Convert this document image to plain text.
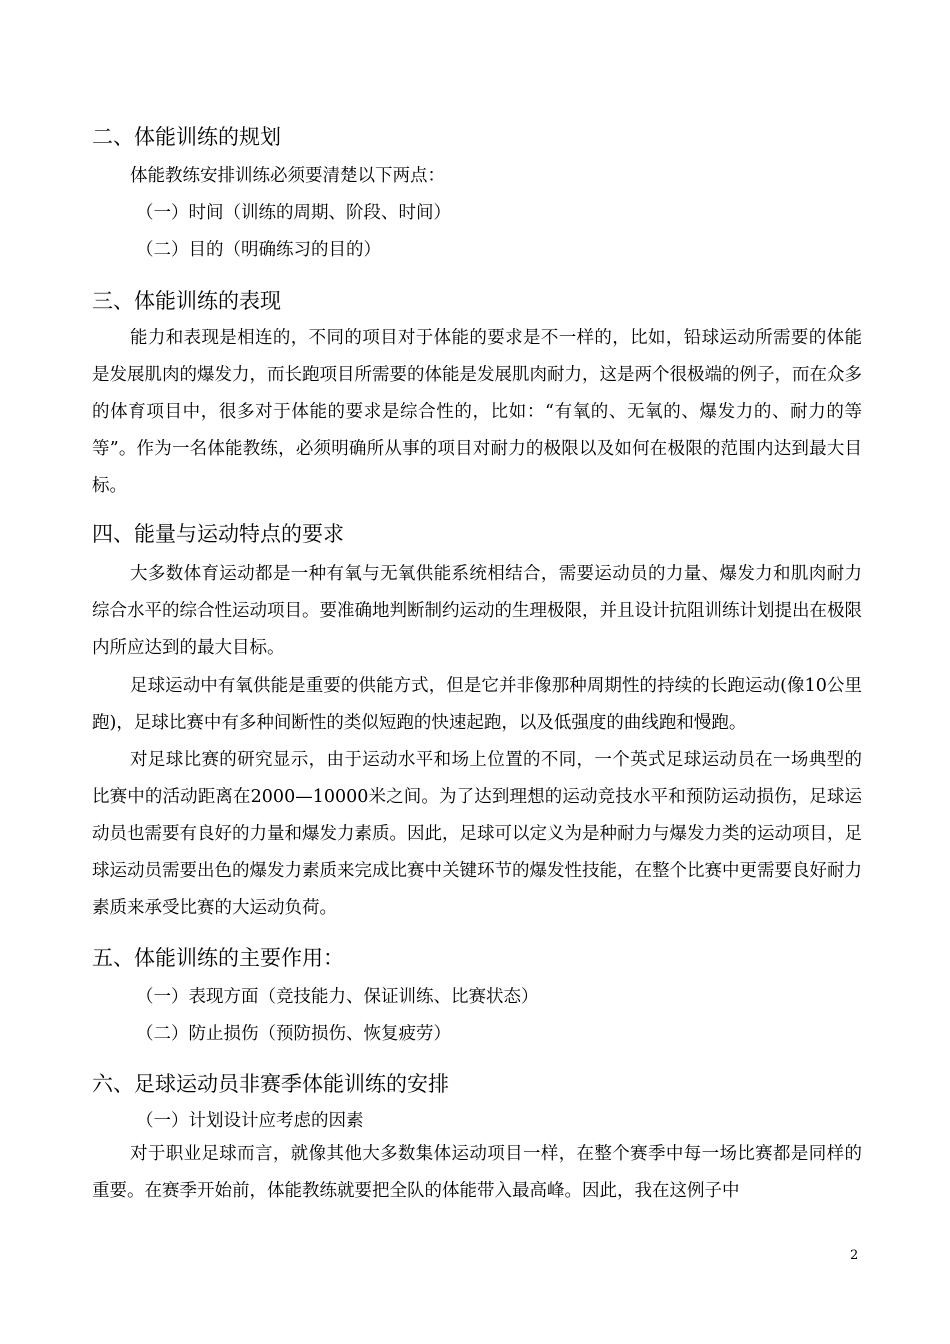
二、体能训练的规划
体能教练安排训练必须要清楚以下两点：
（一）时间（训练的周期、阶段、时间）
（二）目的（明确练习的目的）
三、体能训练的表现
能力和表现是相连的，不同的项目对于体能的要求是不一样的，比如，铅球运动所需要的体能是发展肌肉的爆发力，而长跑项目所需要的体能是发展肌肉耐力，这是两个很极端的例子，而在众多的体育项目中，很多对于体能的要求是综合性的，比如：“有氧的、无氧的、爆发力的、耐力的等等”。作为一名体能教练，必须明确所从事的项目对耐力的极限以及如何在极限的范围内达到最大目标。
四、能量与运动特点的要求
大多数体育运动都是一种有氧与无氧供能系统相结合，需要运动员的力量、爆发力和肌肉耐力综合水平的综合性运动项目。要准确地判断制约运动的生理极限，并且设计抗阻训练计划提出在极限内所应达到的最大目标。
足球运动中有氧供能是重要的供能方式，但是它并非像那种周期性的持续的长跑运动(像10公里跑)，足球比赛中有多种间断性的类似短跑的快速起跑，以及低强度的曲线跑和慢跑。
对足球比赛的研究显示，由于运动水平和场上位置的不同，一个英式足球运动员在一场典型的比赛中的活动距离在2000—10000米之间。为了达到理想的运动竞技水平和预防运动损伤，足球运动员也需要有良好的力量和爆发力素质。因此，足球可以定义为是种耐力与爆发力类的运动项目，足球运动员需要出色的爆发力素质来完成比赛中关键环节的爆发性技能，在整个比赛中更需要良好耐力素质来承受比赛的大运动负荷。
五、体能训练的主要作用：
（一）表现方面（竞技能力、保证训练、比赛状态）
（二）防止损伤（预防损伤、恢复疲劳）
六、足球运动员非赛季体能训练的安排
（一）计划设计应考虑的因素
对于职业足球而言，就像其他大多数集体运动项目一样，在整个赛季中每一场比赛都是同样的重要。在赛季开始前，体能教练就要把全队的体能带入最高峰。因此，我在这例子中
2
